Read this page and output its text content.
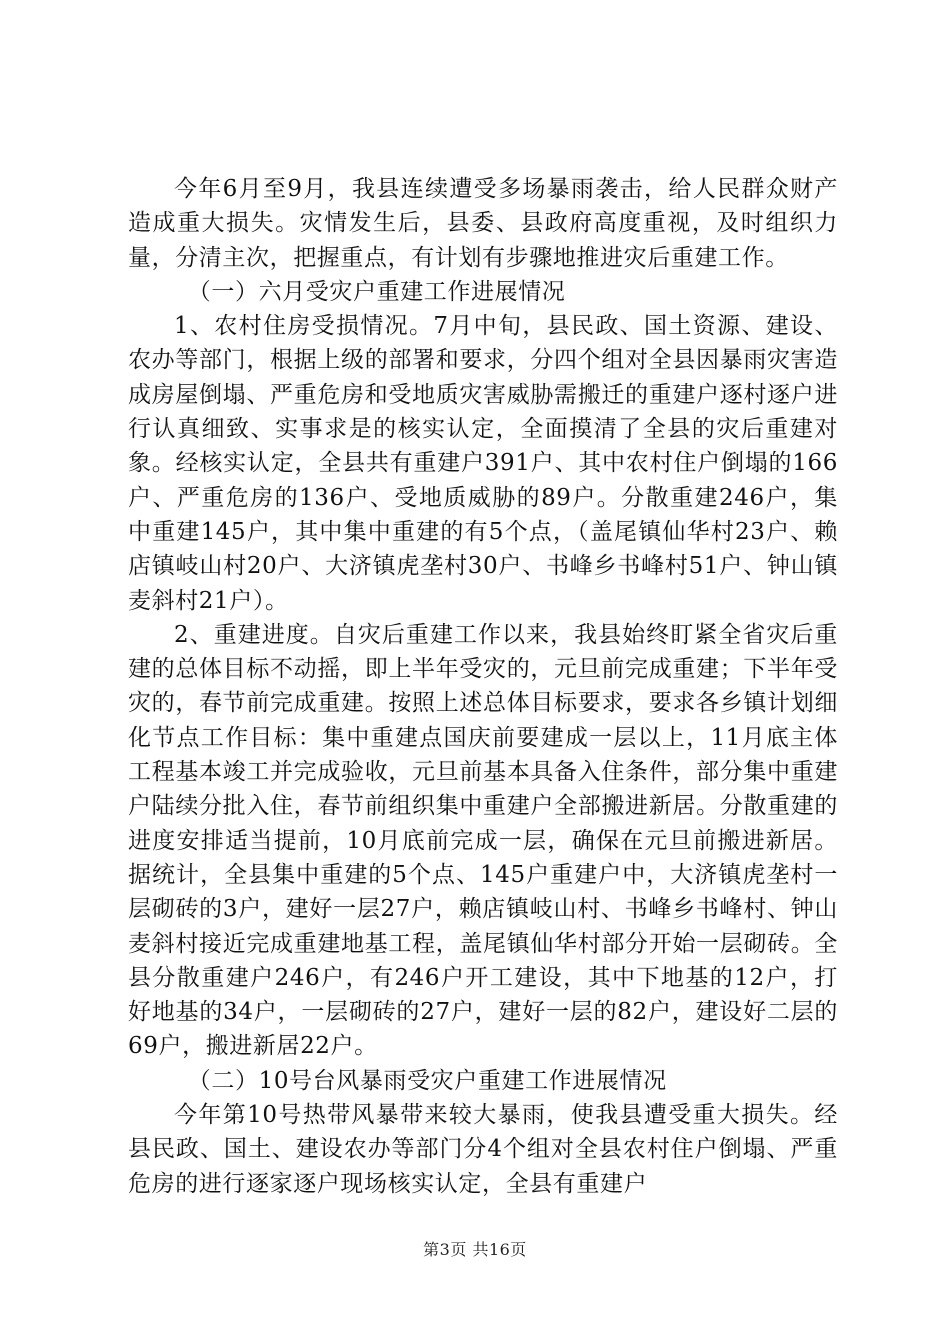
今年6月至9月，我县连续遭受多场暴雨袭击，给人民群众财产造成重大损失。灾情发生后，县委、县政府高度重视，及时组织力量，分清主次，把握重点，有计划有步骤地推进灾后重建工作。

（一）六月受灾户重建工作进展情况

1、农村住房受损情况。7月中旬，县民政、国土资源、建设、农办等部门，根据上级的部署和要求，分四个组对全县因暴雨灾害造成房屋倒塌、严重危房和受地质灾害威胁需搬迁的重建户逐村逐户进行认真细致、实事求是的核实认定，全面摸清了全县的灾后重建对象。经核实认定，全县共有重建户391户、其中农村住户倒塌的166户、严重危房的136户、受地质威胁的89户。分散重建246户，集中重建145户，其中集中重建的有5个点，（盖尾镇仙华村23户、赖店镇岐山村20户、大济镇虎垄村30户、书峰乡书峰村51户、钟山镇麦斜村21户）。

2、重建进度。自灾后重建工作以来，我县始终盯紧全省灾后重建的总体目标不动摇，即上半年受灾的，元旦前完成重建；下半年受灾的，春节前完成重建。按照上述总体目标要求，要求各乡镇计划细化节点工作目标：集中重建点国庆前要建成一层以上，11月底主体工程基本竣工并完成验收，元旦前基本具备入住条件，部分集中重建户陆续分批入住，春节前组织集中重建户全部搬进新居。分散重建的进度安排适当提前，10月底前完成一层，确保在元旦前搬进新居。据统计，全县集中重建的5个点、145户重建户中，大济镇虎垄村一层砌砖的3户，建好一层27户，赖店镇岐山村、书峰乡书峰村、钟山麦斜村接近完成重建地基工程，盖尾镇仙华村部分开始一层砌砖。全县分散重建户246户，有246户开工建设，其中下地基的12户，打好地基的34户，一层砌砖的27户，建好一层的82户，建设好二层的69户，搬进新居22户。

（二）10号台风暴雨受灾户重建工作进展情况

今年第10号热带风暴带来较大暴雨，使我县遭受重大损失。经县民政、国土、建设农办等部门分4个组对全县农村住户倒塌、严重危房的进行逐家逐户现场核实认定，全县有重建户

第3页 共16页
